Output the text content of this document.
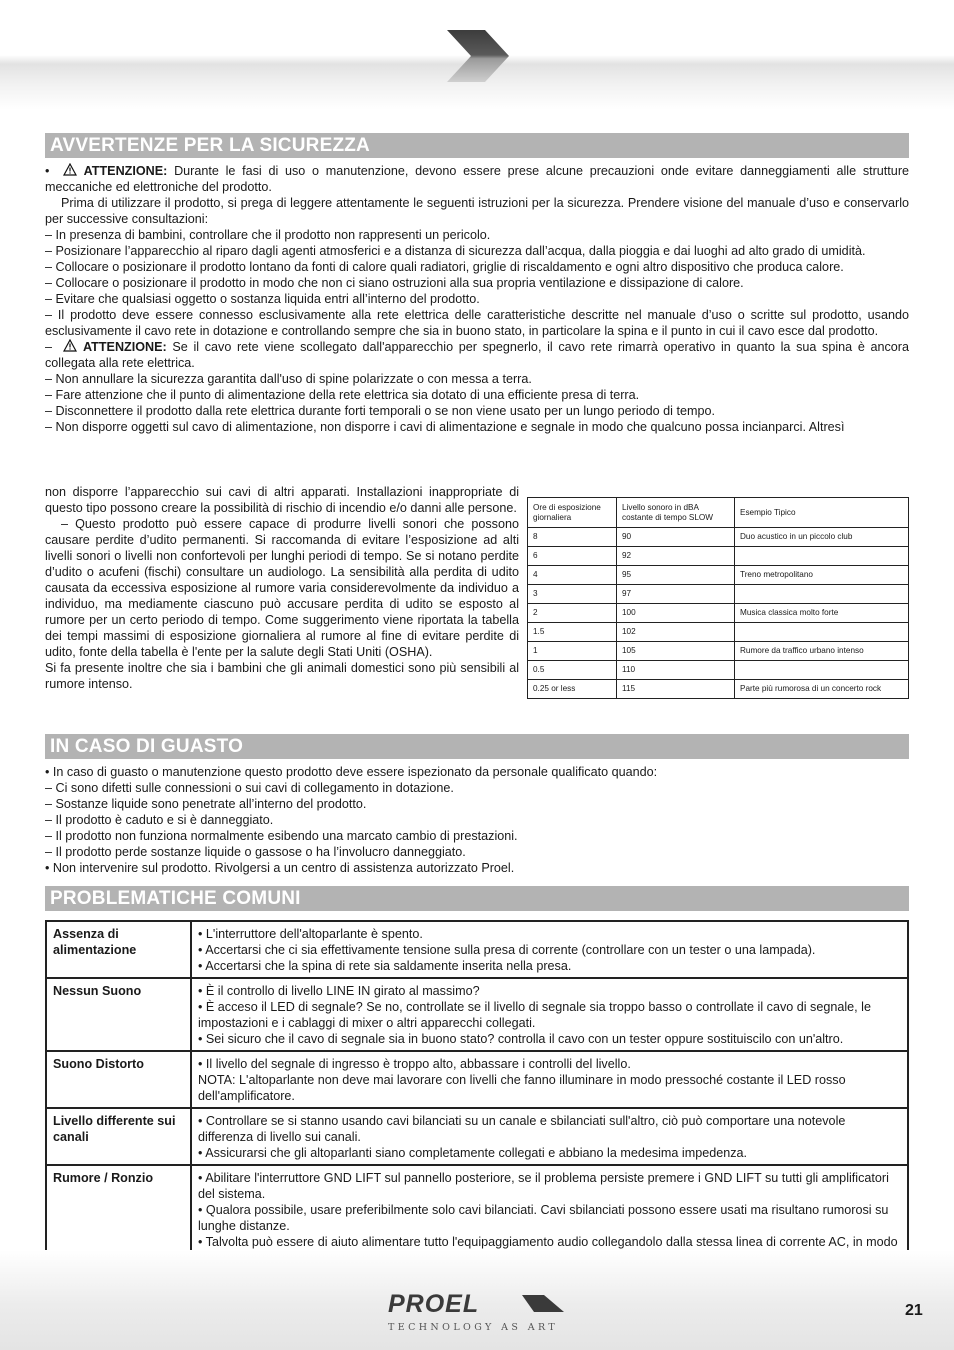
AVVERTENZE PER LA SICUREZZA

•	ATTENZIONE: Durante le fasi di uso o manutenzione, devono essere prese alcune precauzioni onde evitare danneggiamenti alle strutture meccaniche ed elettroniche del prodotto.

Prima di utilizzare il prodotto, si prega di leggere attentamente le seguenti istruzioni per la sicurezza. Prendere visione del manuale d’uso e conservarlo per successive consultazioni:

– In presenza di bambini, controllare che il prodotto non rappresenti un pericolo.

– Posizionare l’apparecchio al riparo dagli agenti atmosferici e a distanza di sicurezza dall’acqua, dalla pioggia e dai luoghi ad alto grado di umidità.

– Collocare o posizionare il prodotto lontano da fonti di calore quali radiatori, griglie di riscaldamento e ogni altro dispositivo che produca calore.

– Collocare o posizionare il prodotto in modo che non ci siano ostruzioni alla sua propria ventilazione e dissipazione di calore.

– Evitare che qualsiasi oggetto o sostanza liquida entri all’interno del prodotto.

– Il prodotto deve essere connesso esclusivamente alla rete elettrica delle caratteristiche descritte nel manuale d’uso o scritte sul prodotto, usando esclusivamente il cavo rete in dotazione e controllando sempre che sia in buono stato, in particolare la spina e il punto in cui il cavo esce dal prodotto.

– ATTENZIONE: Se il cavo rete viene scollegato dall'apparecchio per spegnerlo, il cavo rete rimarrà operativo in quanto la sua spina è ancora collegata alla rete elettrica.

– Non annullare la sicurezza garantita dall'uso di spine polarizzate o con messa a terra.

– Fare attenzione che il punto di alimentazione della rete elettrica sia dotato di una efficiente presa di terra.

– Disconnettere il prodotto dalla rete elettrica durante forti temporali o se non viene usato per un lungo periodo di tempo.

– Non disporre oggetti sul cavo di alimentazione, non disporre i cavi di alimentazione e segnale in modo che qualcuno possa incianparci. Altresì

non disporre l’apparecchio sui cavi di altri apparati. Installazioni inappropriate di questo tipo possono creare la possibilità di rischio di incendio e/o danni alle persone.

– Questo prodotto può essere capace di produrre livelli sonori che possono causare perdite d’udito permanenti. Si raccomanda di evitare l’esposizione ad alti livelli sonori o livelli non confortevoli per lunghi periodi di tempo. Se si notano perdite d’udito o acufeni (fischi) consultare un audiologo. La sensibilità alla perdita di udito causata da eccessiva esposizione al rumore varia considerevolmente da individuo a individuo, ma mediamente ciascuno può accusare perdita di udito se esposto al rumore per un certo periodo di tempo. Come suggerimento viene riportata la tabella dei tempi massimi di esposizione giornaliera al rumore al fine di evitare perdite di udito, fonte della tabella è l'ente per la salute degli Stati Uniti (OSHA).

Si fa presente inoltre che sia i bambini che gli animali domestici sono più sensibili al rumore intenso.

Ore di esposizione giornaliera	Livello sonoro in dBA costante di tempo SLOW	Esempio Tipico
8	90	Duo acustico in un piccolo club
6	92	
4	95	Treno metropolitano
3	97	
2	100	Musica classica molto forte
1.5	102	
1	105	Rumore da traffico urbano intenso
0.5	110	
0.25 or less	115	Parte più rumorosa di un concerto rock
IN CASO DI GUASTO

• In caso di guasto o manutenzione questo prodotto deve essere ispezionato da personale qualificato quando:

– Ci sono difetti sulle connessioni o sui cavi di collegamento in dotazione.

– Sostanze liquide sono penetrate all’interno del prodotto.

– Il prodotto è caduto e si è danneggiato.

– Il prodotto non funziona normalmente esibendo una marcato cambio di prestazioni.

– Il prodotto perde sostanze liquide o gassose o ha l’involucro danneggiato.

• Non intervenire sul prodotto. Rivolgersi a un centro di assistenza autorizzato Proel.

PROBLEMATICHE COMUNI
Assenza di alimentazione	• L'interruttore dell'altoparlante è spento.

• Accertarsi che ci sia effettivamente tensione sulla presa di corrente (controllare con un tester o una lampada).

• Accertarsi che la spina di rete sia saldamente inserita nella presa.

Nessun Suono	• È il controllo di livello LINE IN girato al massimo?

• È acceso il LED di segnale? Se no, controllate se il livello di segnale sia troppo basso o controllate il cavo di segnale, le impostazioni e i cablaggi di mixer o altri apparecchi collegati.

• Sei sicuro che il cavo di segnale sia in buono stato? controlla il cavo con un tester oppure sostituiscilo con un'altro.

Suono Distorto	• Il livello del segnale di ingresso è troppo alto, abbassare i controlli del livello.

NOTA: L'altoparlante non deve mai lavorare con livelli che fanno illuminare in modo pressoché costante il LED rosso dell'amplificatore.

Livello differente sui canali	• Controllare se si stanno usando cavi bilanciati su un canale e sbilanciati sull'altro, ciò può comportare una notevole differenza di livello sui canali.

• Assicurarsi che gli altoparlanti siano completamente collegati e abbiano la medesima impedenza.

Rumore / Ronzio	• Abilitare l'interruttore GND LIFT sul pannello posteriore, se il problema persiste premere i GND LIFT su tutti gli amplificatori del sistema.

• Qualora possibile, usare preferibilmente solo cavi bilanciati. Cavi sbilanciati possono essere usati ma risultano rumorosi su lunghe distanze.

• Talvolta può essere di aiuto alimentare tutto l'equipaggiamento audio collegandolo dalla stessa linea di corrente AC, in modo

PROEL
TECHNOLOGY AS ART
21
